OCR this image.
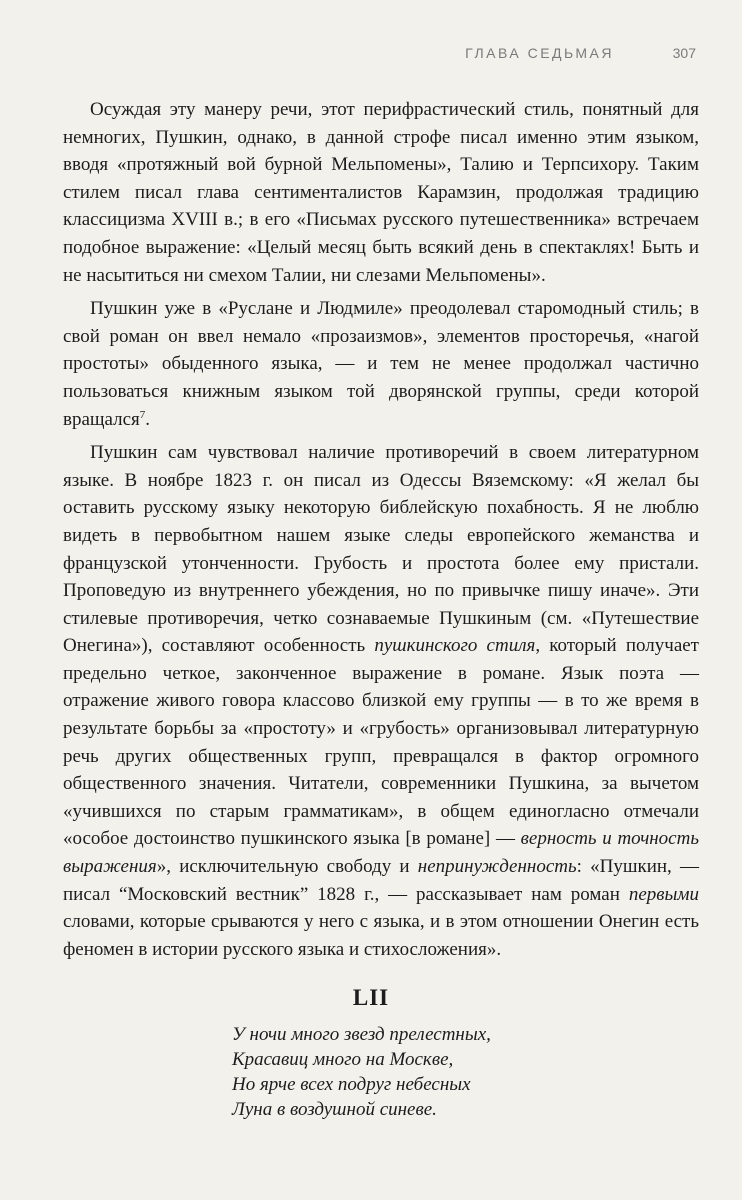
ГЛАВА СЕДЬМАЯ	307

Осуждая эту манеру речи, этот перифрастический стиль, понятный для немногих, Пушкин, однако, в данной строфе писал именно этим языком, вводя «протяжный вой бурной Мельпомены», Талию и Терпсихору. Таким стилем писал глава сентименталистов Карамзин, продолжая традицию классицизма XVIII в.; в его «Письмах русского путешественника» встречаем подобное выражение: «Целый месяц быть всякий день в спектаклях! Быть и не насытиться ни смехом Талии, ни слезами Мельпомены».

Пушкин уже в «Руслане и Людмиле» преодолевал старомодный стиль; в свой роман он ввел немало «прозаизмов», элементов просторечья, «нагой простоты» обыденного языка, — и тем не менее продолжал частично пользоваться книжным языком той дворянской группы, среди которой вращался$^7$.

Пушкин сам чувствовал наличие противоречий в своем литературном языке. В ноябре 1823 г. он писал из Одессы Вяземскому: «Я желал бы оставить русскому языку некоторую библейскую похабность. Я не люблю видеть в первобытном нашем языке следы европейского жеманства и французской утонченности. Грубость и простота более ему пристали. Проповедую из внутреннего убеждения, но по привычке пишу иначе». Эти стилевые противоречия, четко сознаваемые Пушкиным (см. «Путешествие Онегина»), составляют особенность пушкинского стиля, который получает предельно четкое, законченное выражение в романе. Язык поэта — отражение живого говора классово близкой ему группы — в то же время в результате борьбы за «простоту» и «грубость» организовывал литературную речь других общественных групп, превращался в фактор огромного общественного значения. Читатели, современники Пушкина, за вычетом «учившихся по старым грамматикам», в общем единогласно отмечали «особое достоинство пушкинского языка [в романе] — верность и точность выражения», исключительную свободу и непринужденность: «Пушкин, — писал “Московский вестник” 1828 г., — рассказывает нам роман первыми словами, которые срываются у него с языка, и в этом отношении Онегин есть феномен в истории русского языка и стихосложения».

LII
У ночи много звезд прелестных,
Красавиц много на Москве,
Но ярче всех подруг небесных
Луна в воздушной синеве.
